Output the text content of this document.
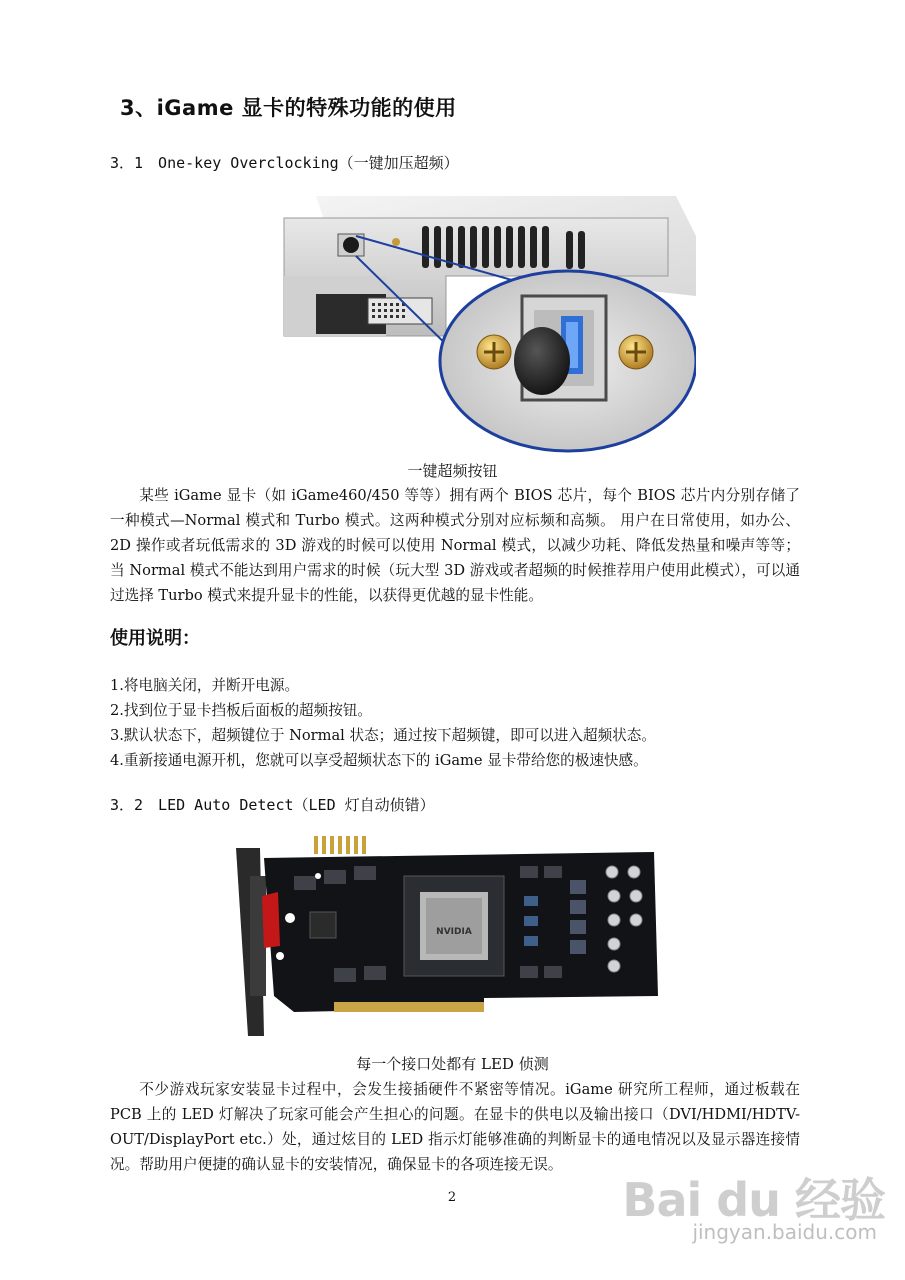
3、iGame 显卡的特殊功能的使用
3．1　One-key Overclocking（一键加压超频）
一键超频按钮

某些 iGame 显卡（如 iGame460/450 等等）拥有两个 BIOS 芯片，每个 BIOS 芯片内分别存储了一种模式—Normal 模式和 Turbo 模式。这两种模式分别对应标频和高频。 用户在日常使用，如办公、2D 操作或者玩低需求的 3D 游戏的时候可以使用 Normal 模式，以减少功耗、降低发热量和噪声等等；当 Normal 模式不能达到用户需求的时候（玩大型 3D 游戏或者超频的时候推荐用户使用此模式），可以通过选择 Turbo 模式来提升显卡的性能，以获得更优越的显卡性能。

使用说明：
1.将电脑关闭，并断开电源。
2.找到位于显卡挡板后面板的超频按钮。
3.默认状态下，超频键位于 Normal 状态；通过按下超频键，即可以进入超频状态。
4.重新接通电源开机，您就可以享受超频状态下的 iGame 显卡带给您的极速快感。
3．2　LED Auto Detect（LED 灯自动侦错）
NVIDIA
每一个接口处都有 LED 侦测

不少游戏玩家安装显卡过程中，会发生接插硬件不紧密等情况。iGame 研究所工程师，通过板载在 PCB 上的 LED 灯解决了玩家可能会产生担心的问题。在显卡的供电以及输出接口（DVI/HDMI/HDTV-OUT/DisplayPort etc.）处，通过炫目的 LED 指示灯能够准确的判断显卡的通电情况以及显示器连接情况。帮助用户便捷的确认显卡的安装情况，确保显卡的各项连接无误。

2	Bai du 经验
jingyan.baidu.com
